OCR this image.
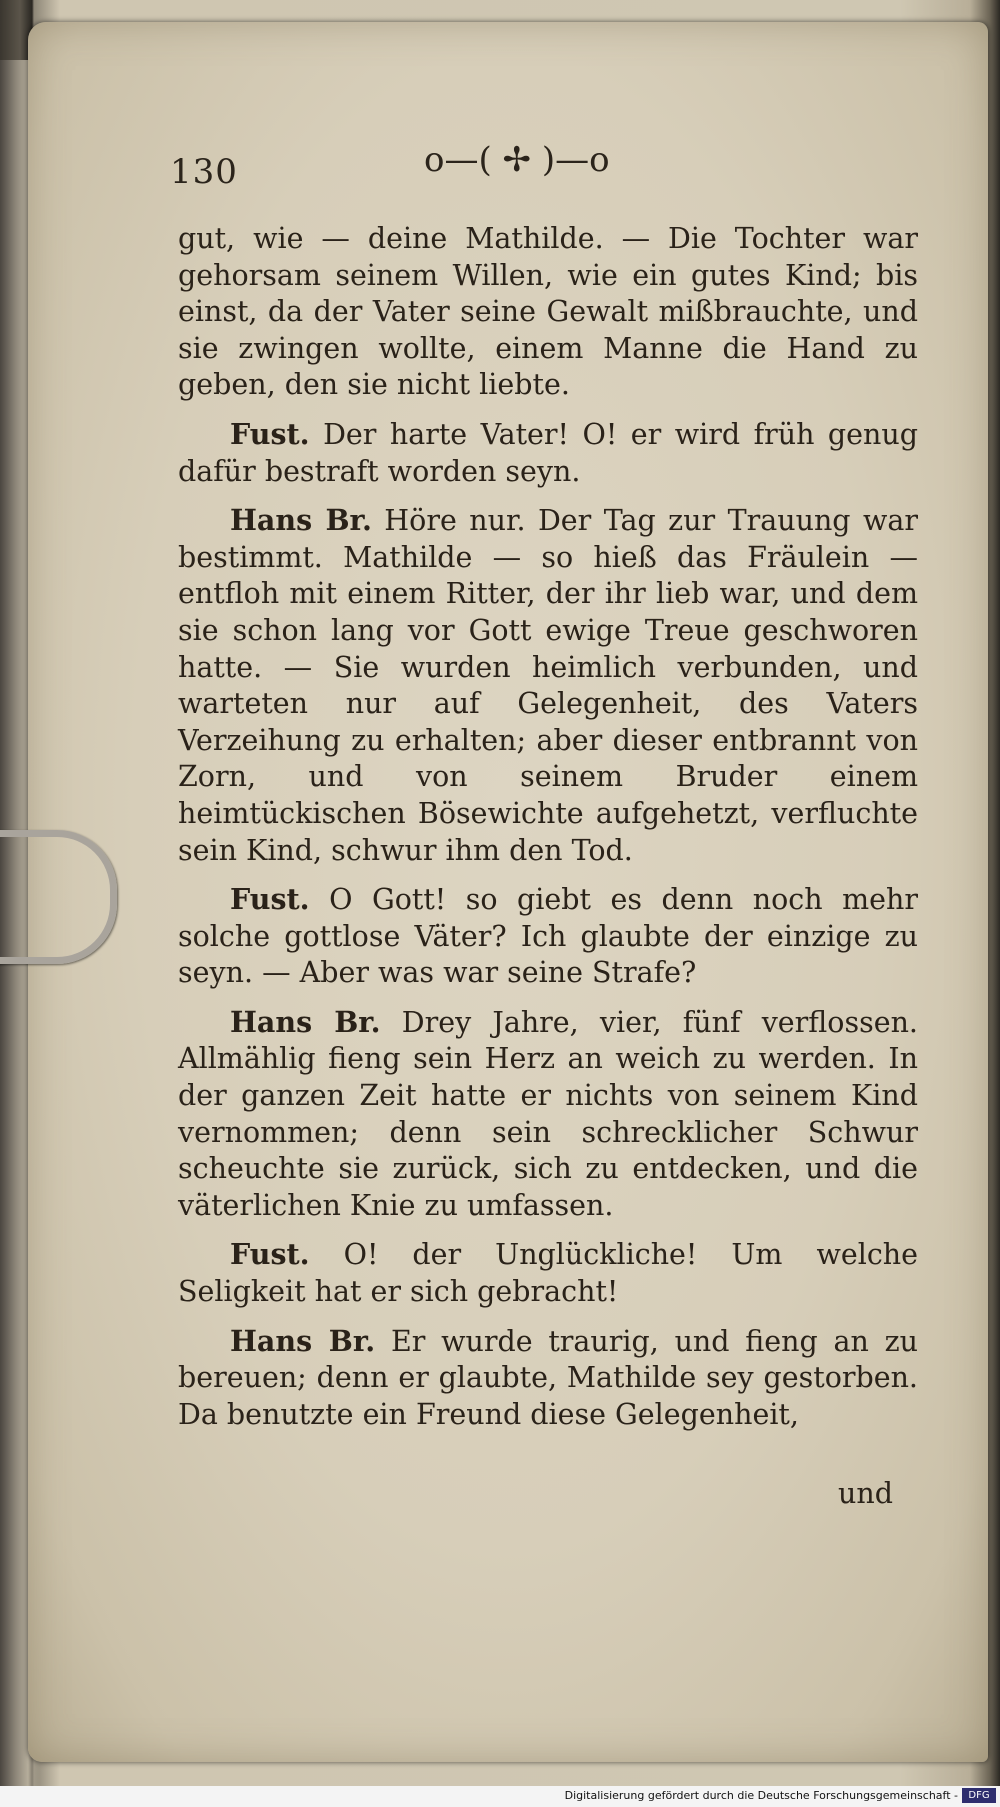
130	o—( ✢ )—o

gut, wie — deine Mathilde. — Die Tochter war gehorsam seinem Willen, wie ein gutes Kind; bis einst, da der Vater seine Gewalt mißbrauchte, und sie zwingen wollte, einem Manne die Hand zu geben, den sie nicht liebte.

Fust. Der harte Vater! O! er wird früh genug dafür bestraft worden seyn.

Hans Br. Höre nur. Der Tag zur Trauung war bestimmt. Mathilde — so hieß das Fräulein — entfloh mit einem Ritter, der ihr lieb war, und dem sie schon lang vor Gott ewige Treue geschworen hatte. — Sie wurden heimlich verbunden, und warteten nur auf Gelegenheit, des Vaters Verzeihung zu erhalten; aber dieser entbrannt von Zorn, und von seinem Bruder einem heimtückischen Bösewichte aufgehetzt, verfluchte sein Kind, schwur ihm den Tod.

Fust. O Gott! so giebt es denn noch mehr solche gottlose Väter? Ich glaubte der einzige zu seyn. — Aber was war seine Strafe?

Hans Br. Drey Jahre, vier, fünf verflossen. Allmählig fieng sein Herz an weich zu werden. In der ganzen Zeit hatte er nichts von seinem Kind vernommen; denn sein schrecklicher Schwur scheuchte sie zurück, sich zu entdecken, und die väterlichen Knie zu umfassen.

Fust. O! der Unglückliche! Um welche Seligkeit hat er sich gebracht!

Hans Br. Er wurde traurig, und fieng an zu bereuen; denn er glaubte, Mathilde sey gestorben. Da benutzte ein Freund diese Gelegenheit,

und
Digitalisierung gefördert durch die Deutsche Forschungsgemeinschaft -	DFG
